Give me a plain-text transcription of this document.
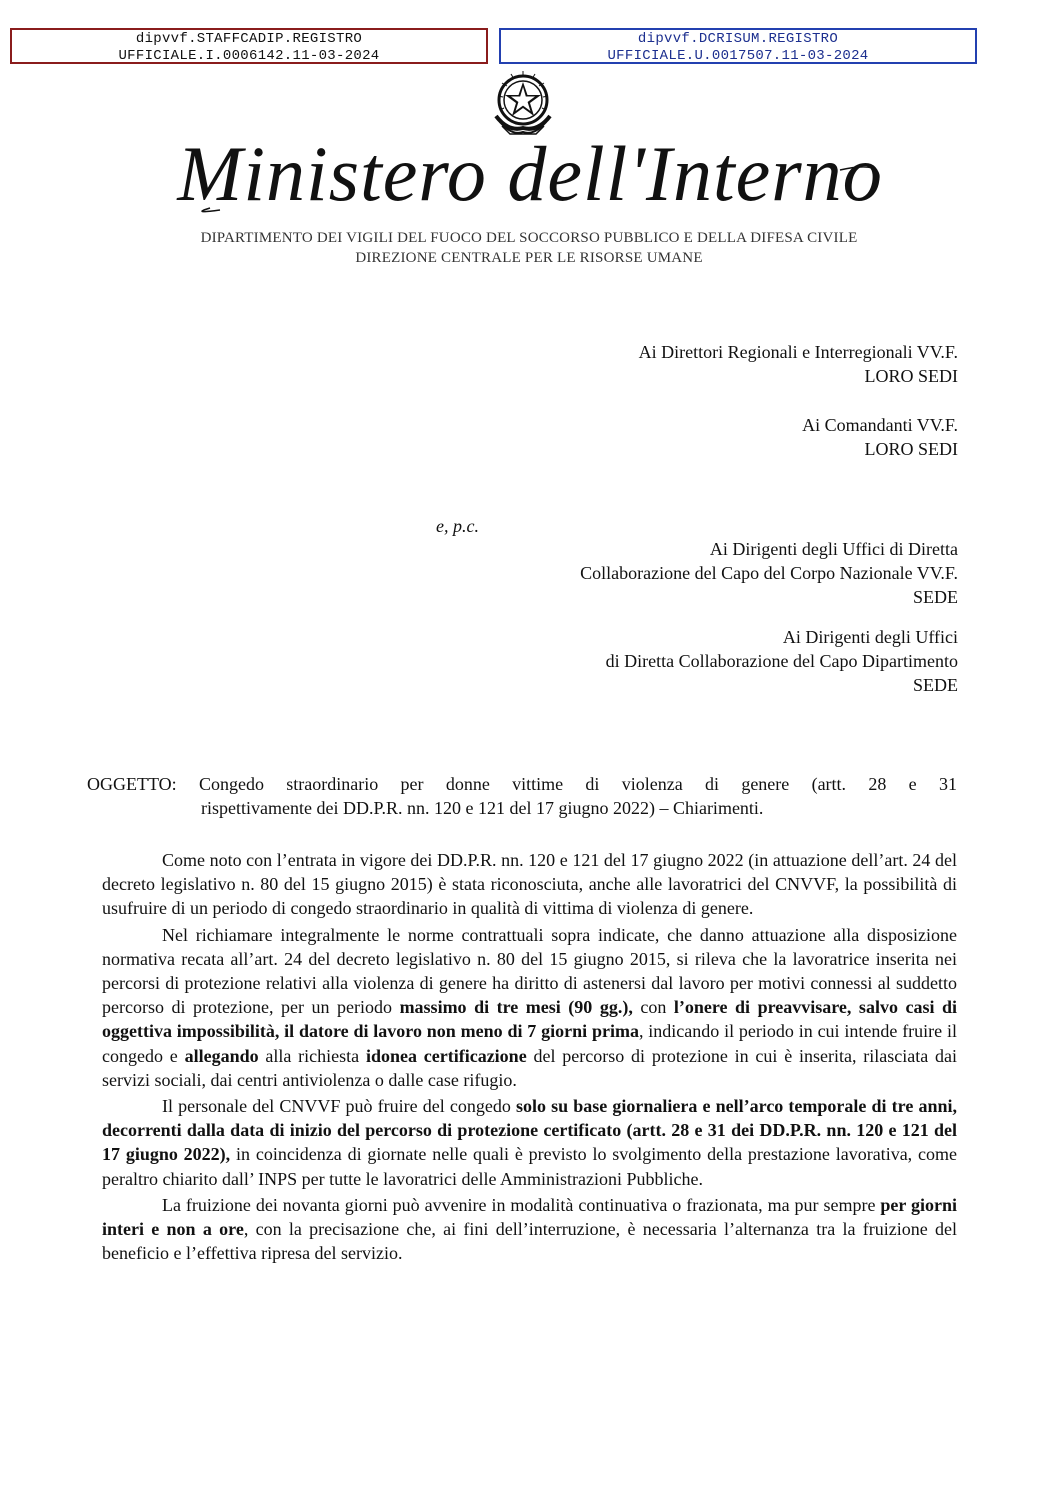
dipvvf.STAFFCADIP.REGISTRO
UFFICIALE.I.0006142.11-03-2024
dipvvf.DCRISUM.REGISTRO
UFFICIALE.U.0017507.11-03-2024
Ministero dell'Interno
DIPARTIMENTO DEI VIGILI DEL FUOCO DEL SOCCORSO PUBBLICO E DELLA DIFESA CIVILE
DIREZIONE CENTRALE PER LE RISORSE UMANE
Ai Direttori Regionali e Interregionali VV.F.
LORO SEDI
Ai Comandanti VV.F.
LORO SEDI
e, p.c.
Ai Dirigenti degli Uffici di Diretta
Collaborazione del Capo del Corpo Nazionale VV.F.
SEDE
Ai Dirigenti degli Uffici
di Diretta Collaborazione del Capo Dipartimento
SEDE
OGGETTO: Congedo straordinario per donne vittime di violenza di genere (artt. 28 e 31
rispettivamente dei DD.P.R. nn. 120 e 121 del 17 giugno 2022) – Chiarimenti.

Come noto con l’entrata in vigore dei DD.P.R. nn. 120 e 121 del 17 giugno 2022 (in attuazione dell’art. 24 del decreto legislativo n. 80 del 15 giugno 2015) è stata riconosciuta, anche alle lavoratrici del CNVVF, la possibilità di usufruire di un periodo di congedo straordinario in qualità di vittima di violenza di genere.

Nel richiamare integralmente le norme contrattuali sopra indicate, che danno attuazione alla disposizione normativa recata all’art. 24 del decreto legislativo n. 80 del 15 giugno 2015, si rileva che la lavoratrice inserita nei percorsi di protezione relativi alla violenza di genere ha diritto di astenersi dal lavoro per motivi connessi al suddetto percorso di protezione, per un periodo massimo di tre mesi (90 gg.), con l’onere di preavvisare, salvo casi di oggettiva impossibilità, il datore di lavoro non meno di 7 giorni prima, indicando il periodo in cui intende fruire il congedo e allegando alla richiesta idonea certificazione del percorso di protezione in cui è inserita, rilasciata dai servizi sociali, dai centri antiviolenza o dalle case rifugio.

Il personale del CNVVF può fruire del congedo solo su base giornaliera e nell’arco temporale di tre anni, decorrenti dalla data di inizio del percorso di protezione certificato (artt. 28 e 31 dei DD.P.R. nn. 120 e 121 del 17 giugno 2022), in coincidenza di giornate nelle quali è previsto lo svolgimento della prestazione lavorativa, come peraltro chiarito dall’ INPS per tutte le lavoratrici delle Amministrazioni Pubbliche.

La fruizione dei novanta giorni può avvenire in modalità continuativa o frazionata, ma pur sempre per giorni interi e non a ore, con la precisazione che, ai fini dell’interruzione, è necessaria l’alternanza tra la fruizione del beneficio e l’effettiva ripresa del servizio.
